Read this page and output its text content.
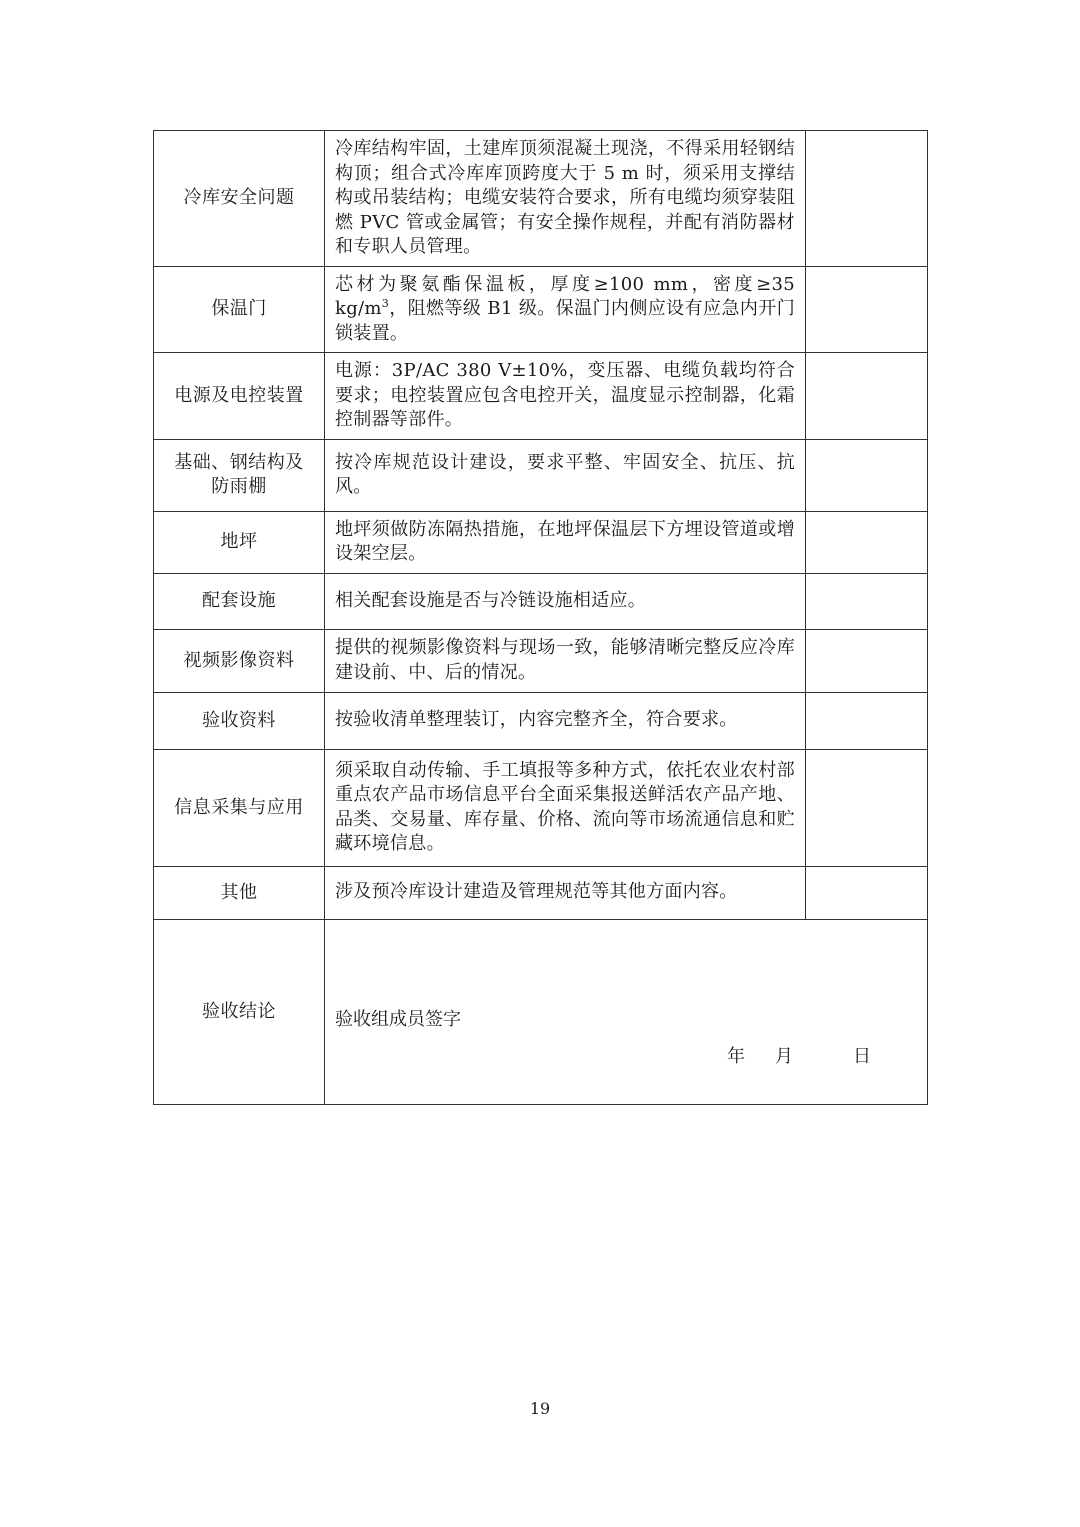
冷库安全问题	冷库结构牢固，土建库顶须混凝土现浇，不得采用轻钢结构顶；组合式冷库库顶跨度大于 5 m 时，须采用支撑结构或吊装结构；电缆安装符合要求，所有电缆均须穿装阻燃 PVC 管或金属管；有安全操作规程，并配有消防器材和专职人员管理。	
保温门	芯材为聚氨酯保温板，厚度≥100 mm，密度≥35 $kg/m^3$，阻燃等级 B1 级。保温门内侧应设有应急内开门锁装置。	
电源及电控装置	电源：3P/AC 380 V±10%，变压器、电缆负载均符合要求；电控装置应包含电控开关，温度显示控制器，化霜控制器等部件。	
基础、钢结构及防雨棚	按冷库规范设计建设，要求平整、牢固安全、抗压、抗风。	
地坪	地坪须做防冻隔热措施，在地坪保温层下方埋设管道或增设架空层。	
配套设施	相关配套设施是否与冷链设施相适应。	
视频影像资料	提供的视频影像资料与现场一致，能够清晰完整反应冷库建设前、中、后的情况。	
验收资料	按验收清单整理装订，内容完整齐全，符合要求。	
信息采集与应用	须采取自动传输、手工填报等多种方式，依托农业农村部重点农产品市场信息平台全面采集报送鲜活农产品产地、品类、交易量、库存量、价格、流向等市场流通信息和贮藏环境信息。	
其他	涉及预冷库设计建造及管理规范等其他方面内容。	
验收结论	验收组成员签字
年 月 日	
19
